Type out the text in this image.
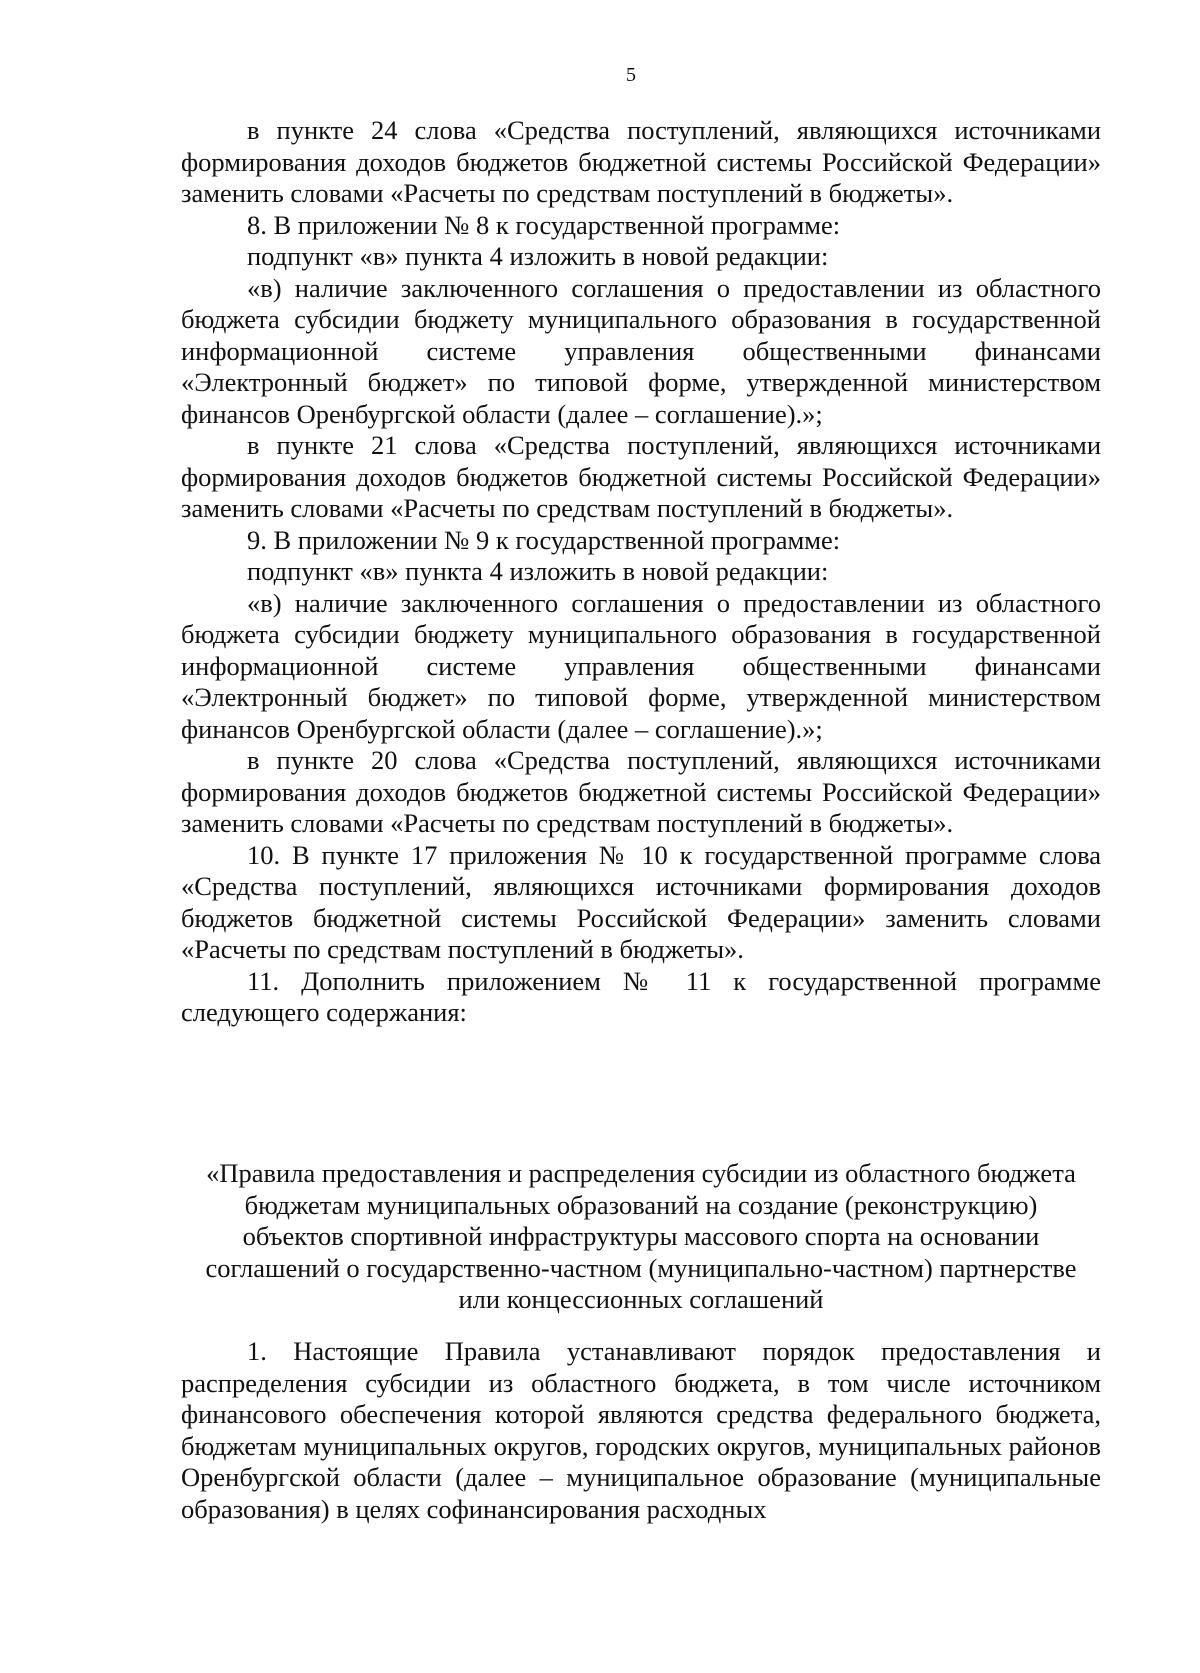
5

в пункте 24 слова «Средства поступлений, являющихся источниками формирования доходов бюджетов бюджетной системы Российской Федерации» заменить словами «Расчеты по средствам поступлений в бюджеты».

8. В приложении № 8 к государственной программе:

подпункт «в» пункта 4 изложить в новой редакции:

«в) наличие заключенного соглашения о предоставлении из областного бюджета субсидии бюджету муниципального образования в государственной информационной системе управления общественными финансами «Электронный бюджет» по типовой форме, утвержденной министерством финансов Оренбургской области (далее – соглашение).»;

в пункте 21 слова «Средства поступлений, являющихся источниками формирования доходов бюджетов бюджетной системы Российской Федерации» заменить словами «Расчеты по средствам поступлений в бюджеты».

9. В приложении № 9 к государственной программе:

подпункт «в» пункта 4 изложить в новой редакции:

«в) наличие заключенного соглашения о предоставлении из областного бюджета субсидии бюджету муниципального образования в государственной информационной системе управления общественными финансами «Электронный бюджет» по типовой форме, утвержденной министерством финансов Оренбургской области (далее – соглашение).»;

в пункте 20 слова «Средства поступлений, являющихся источниками формирования доходов бюджетов бюджетной системы Российской Федерации» заменить словами «Расчеты по средствам поступлений в бюджеты».

10. В пункте 17 приложения № 10 к государственной программе слова «Средства поступлений, являющихся источниками формирования доходов бюджетов бюджетной системы Российской Федерации» заменить словами «Расчеты по средствам поступлений в бюджеты».

11. Дополнить приложением № 11 к государственной программе следующего содержания:

«Правила предоставления и распределения субсидии из областного бюджета
бюджетам муниципальных образований на создание (реконструкцию)
объектов спортивной инфраструктуры массового спорта на основании
соглашений о государственно-частном (муниципально-частном) партнерстве
или концессионных соглашений

1. Настоящие Правила устанавливают порядок предоставления и распределения субсидии из областного бюджета, в том числе источником финансового обеспечения которой являются средства федерального бюджета, бюджетам муниципальных округов, городских округов, муниципальных районов Оренбургской области (далее – муниципальное образование (муниципальные образования) в целях софинансирования расходных
